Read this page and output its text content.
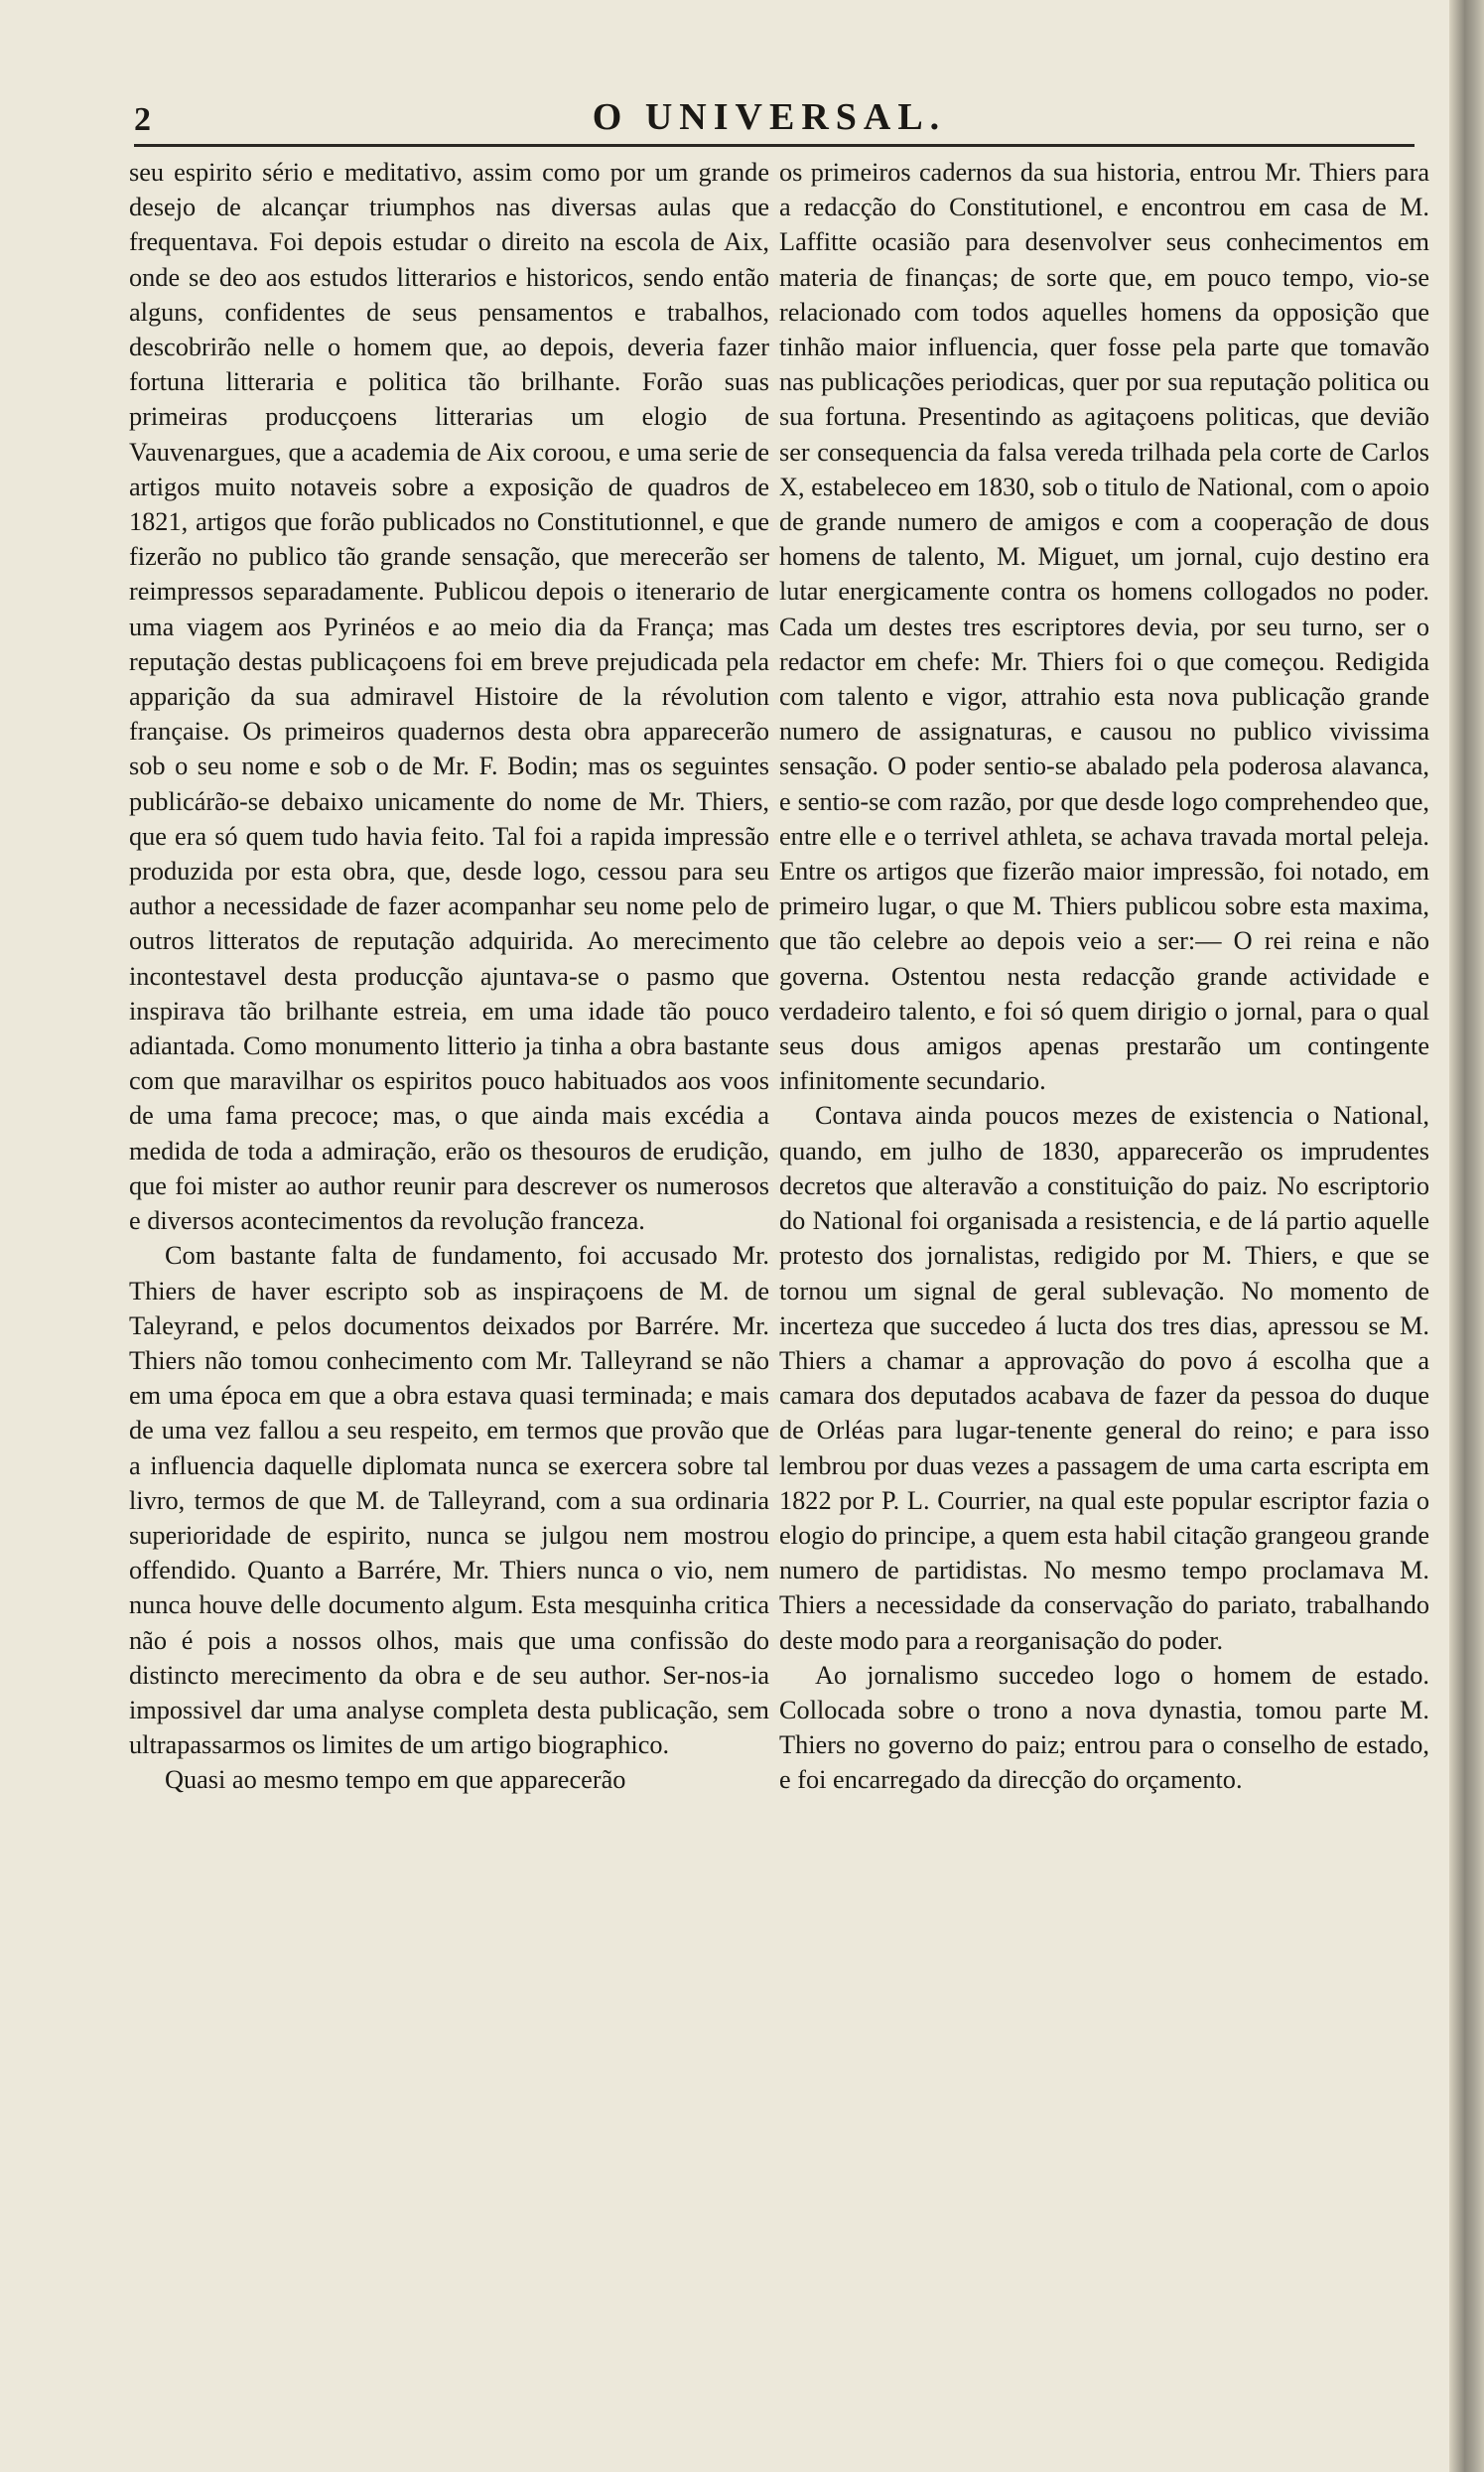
2	O UNIVERSAL.

seu espirito sério e meditativo, assim como por um grande desejo de alcançar triumphos nas diversas aulas que frequentava. Foi depois estudar o direito na escola de Aix, onde se deo aos estudos litterarios e historicos, sendo então alguns, confidentes de seus pensamentos e trabalhos, descobrirão nelle o homem que, ao depois, deveria fazer fortuna litteraria e politica tão brilhante. Forão suas primeiras producçoens litterarias um elogio de Vauvenargues, que a academia de Aix coroou, e uma serie de artigos muito notaveis sobre a exposição de quadros de 1821, artigos que forão publicados no Constitutionnel, e que fizerão no publico tão grande sensação, que merecerão ser reimpressos separadamente. Publicou depois o itenerario de uma viagem aos Pyrinéos e ao meio dia da França; mas reputação destas publicaçoens foi em breve prejudicada pela apparição da sua admiravel Histoire de la révolution française. Os primeiros quadernos desta obra apparecerão sob o seu nome e sob o de Mr. F. Bodin; mas os seguintes publicárão-se debaixo unicamente do nome de Mr. Thiers, que era só quem tudo havia feito. Tal foi a rapida impressão produzida por esta obra, que, desde logo, cessou para seu author a necessidade de fazer acompanhar seu nome pelo de outros litteratos de reputação adquirida. Ao merecimento incontestavel desta producção ajuntava-se o pasmo que inspirava tão brilhante estreia, em uma idade tão pouco adiantada. Como monumento litterio ja tinha a obra bastante com que maravilhar os espiritos pouco habituados aos voos de uma fama precoce; mas, o que ainda mais excédia a medida de toda a admiração, erão os thesouros de erudição, que foi mister ao author reunir para descrever os numerosos e diversos acontecimentos da revolução franceza.

Com bastante falta de fundamento, foi accusado Mr. Thiers de haver escripto sob as inspiraçoens de M. de Taleyrand, e pelos documentos deixados por Barrére. Mr. Thiers não tomou conhecimento com Mr. Talleyrand se não em uma época em que a obra estava quasi terminada; e mais de uma vez fallou a seu respeito, em termos que provão que a influencia daquelle diplomata nunca se exercera sobre tal livro, termos de que M. de Talleyrand, com a sua ordinaria superioridade de espirito, nunca se julgou nem mostrou offendido. Quanto a Barrére, Mr. Thiers nunca o vio, nem nunca houve delle documento algum. Esta mesquinha critica não é pois a nossos olhos, mais que uma confissão do distincto merecimento da obra e de seu author. Ser-nos-ia impossivel dar uma analyse completa desta publicação, sem ultrapassarmos os limites de um artigo biographico.

Quasi ao mesmo tempo em que apparecerão

os primeiros cadernos da sua historia, entrou Mr. Thiers para a redacção do Constitutionel, e encontrou em casa de M. Laffitte ocasião para desenvolver seus conhecimentos em materia de finanças; de sorte que, em pouco tempo, vio-se relacionado com todos aquelles homens da opposição que tinhão maior influencia, quer fosse pela parte que tomavão nas publicações periodicas, quer por sua reputação politica ou sua fortuna. Presentindo as agitaçoens politicas, que devião ser consequencia da falsa vereda trilhada pela corte de Carlos X, estabeleceo em 1830, sob o titulo de National, com o apoio de grande numero de amigos e com a cooperação de dous homens de talento, M. Miguet, um jornal, cujo destino era lutar energicamente contra os homens collogados no poder. Cada um destes tres escriptores devia, por seu turno, ser o redactor em chefe: Mr. Thiers foi o que começou. Redigida com talento e vigor, attrahio esta nova publicação grande numero de assignaturas, e causou no publico vivissima sensação. O poder sentio-se abalado pela poderosa alavanca, e sentio-se com razão, por que desde logo comprehendeo que, entre elle e o terrivel athleta, se achava travada mortal peleja. Entre os artigos que fizerão maior impressão, foi notado, em primeiro lugar, o que M. Thiers publicou sobre esta maxima, que tão celebre ao depois veio a ser:— O rei reina e não governa. Ostentou nesta redacção grande actividade e verdadeiro talento, e foi só quem dirigio o jornal, para o qual seus dous amigos apenas prestarão um contingente infinitomente secundario.

Contava ainda poucos mezes de existencia o National, quando, em julho de 1830, apparecerão os imprudentes decretos que alteravão a constituição do paiz. No escriptorio do National foi organisada a resistencia, e de lá partio aquelle protesto dos jornalistas, redigido por M. Thiers, e que se tornou um signal de geral sublevação. No momento de incerteza que succedeo á lucta dos tres dias, apressou se M. Thiers a chamar a approvação do povo á escolha que a camara dos deputados acabava de fazer da pessoa do duque de Orléas para lugar-tenente general do reino; e para isso lembrou por duas vezes a passagem de uma carta escripta em 1822 por P. L. Courrier, na qual este popular escriptor fazia o elogio do principe, a quem esta habil citação grangeou grande numero de partidistas. No mesmo tempo proclamava M. Thiers a necessidade da conservação do pariato, trabalhando deste modo para a reorganisação do poder.

Ao jornalismo succedeo logo o homem de estado. Collocada sobre o trono a nova dynastia, tomou parte M. Thiers no governo do paiz; entrou para o conselho de estado, e foi encarregado da direcção do orçamento.
